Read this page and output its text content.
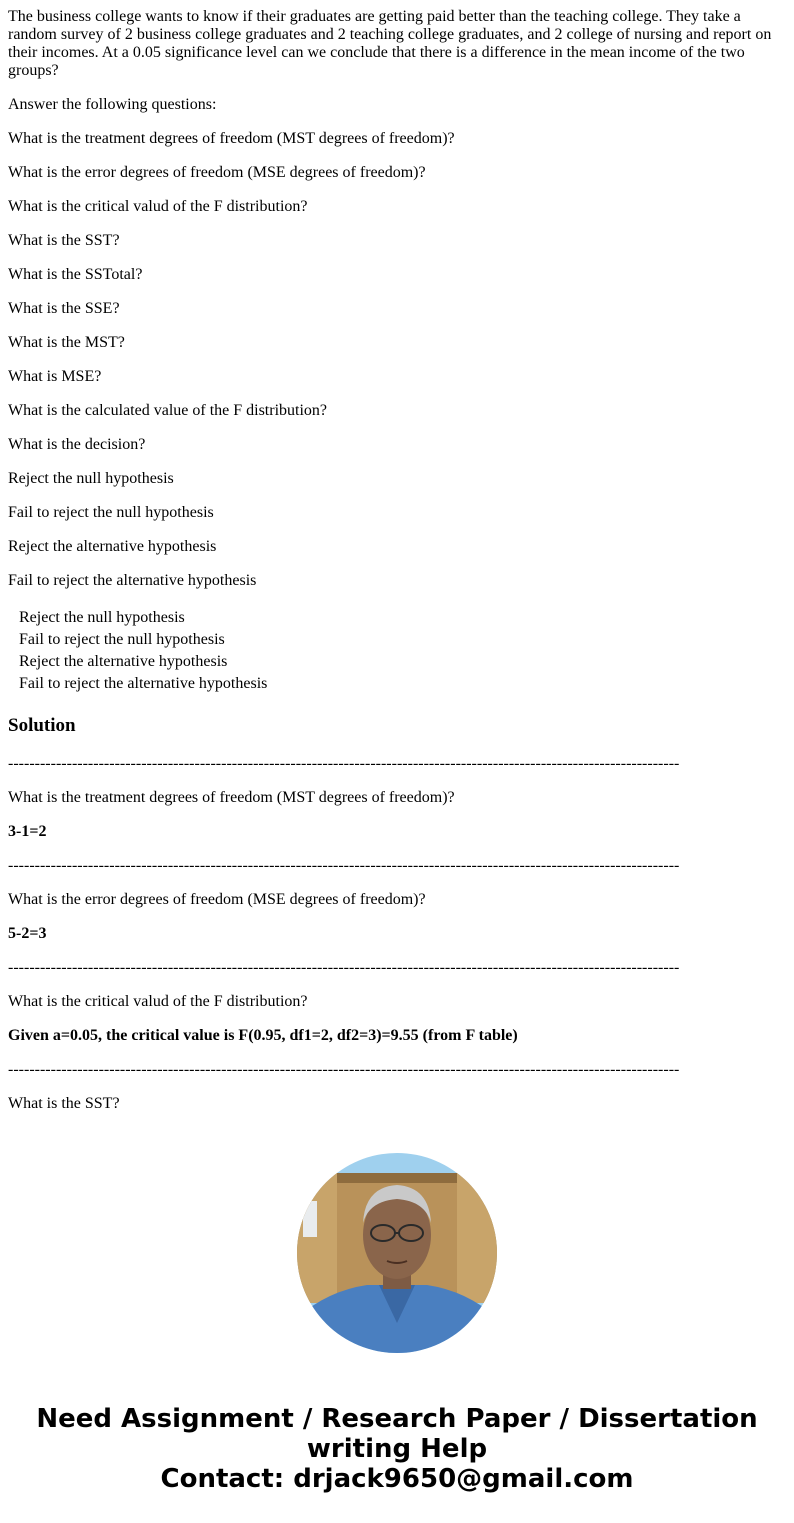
The business college wants to know if their graduates are getting paid better than the teaching college. They take a random survey of 2 business college graduates and 2 teaching college graduates, and 2 college of nursing and report on their incomes. At a 0.05 significance level can we conclude that there is a difference in the mean income of the two groups?

Answer the following questions:

What is the treatment degrees of freedom (MST degrees of freedom)?

What is the error degrees of freedom (MSE degrees of freedom)?

What is the critical valud of the F distribution?

What is the SST?

What is the SSTotal?

What is the SSE?

What is the MST?

What is MSE?

What is the calculated value of the F distribution?

What is the decision?

Reject the null hypothesis

Fail to reject the null hypothesis

Reject the alternative hypothesis

Fail to reject the alternative hypothesis

Reject the null hypothesis
Fail to reject the null hypothesis
Reject the alternative hypothesis
Fail to reject the alternative hypothesis
Solution

------------------------------------------------------------------------------------------------------------------------------

What is the treatment degrees of freedom (MST degrees of freedom)?

3-1=2

------------------------------------------------------------------------------------------------------------------------------

What is the error degrees of freedom (MSE degrees of freedom)?

5-2=3

------------------------------------------------------------------------------------------------------------------------------

What is the critical valud of the F distribution?

Given a=0.05, the critical value is F(0.95, df1=2, df2=3)=9.55 (from F table)

------------------------------------------------------------------------------------------------------------------------------

What is the SST?

Need Assignment / Research Paper / Dissertation
writing Help
Contact: drjack9650@gmail.com
